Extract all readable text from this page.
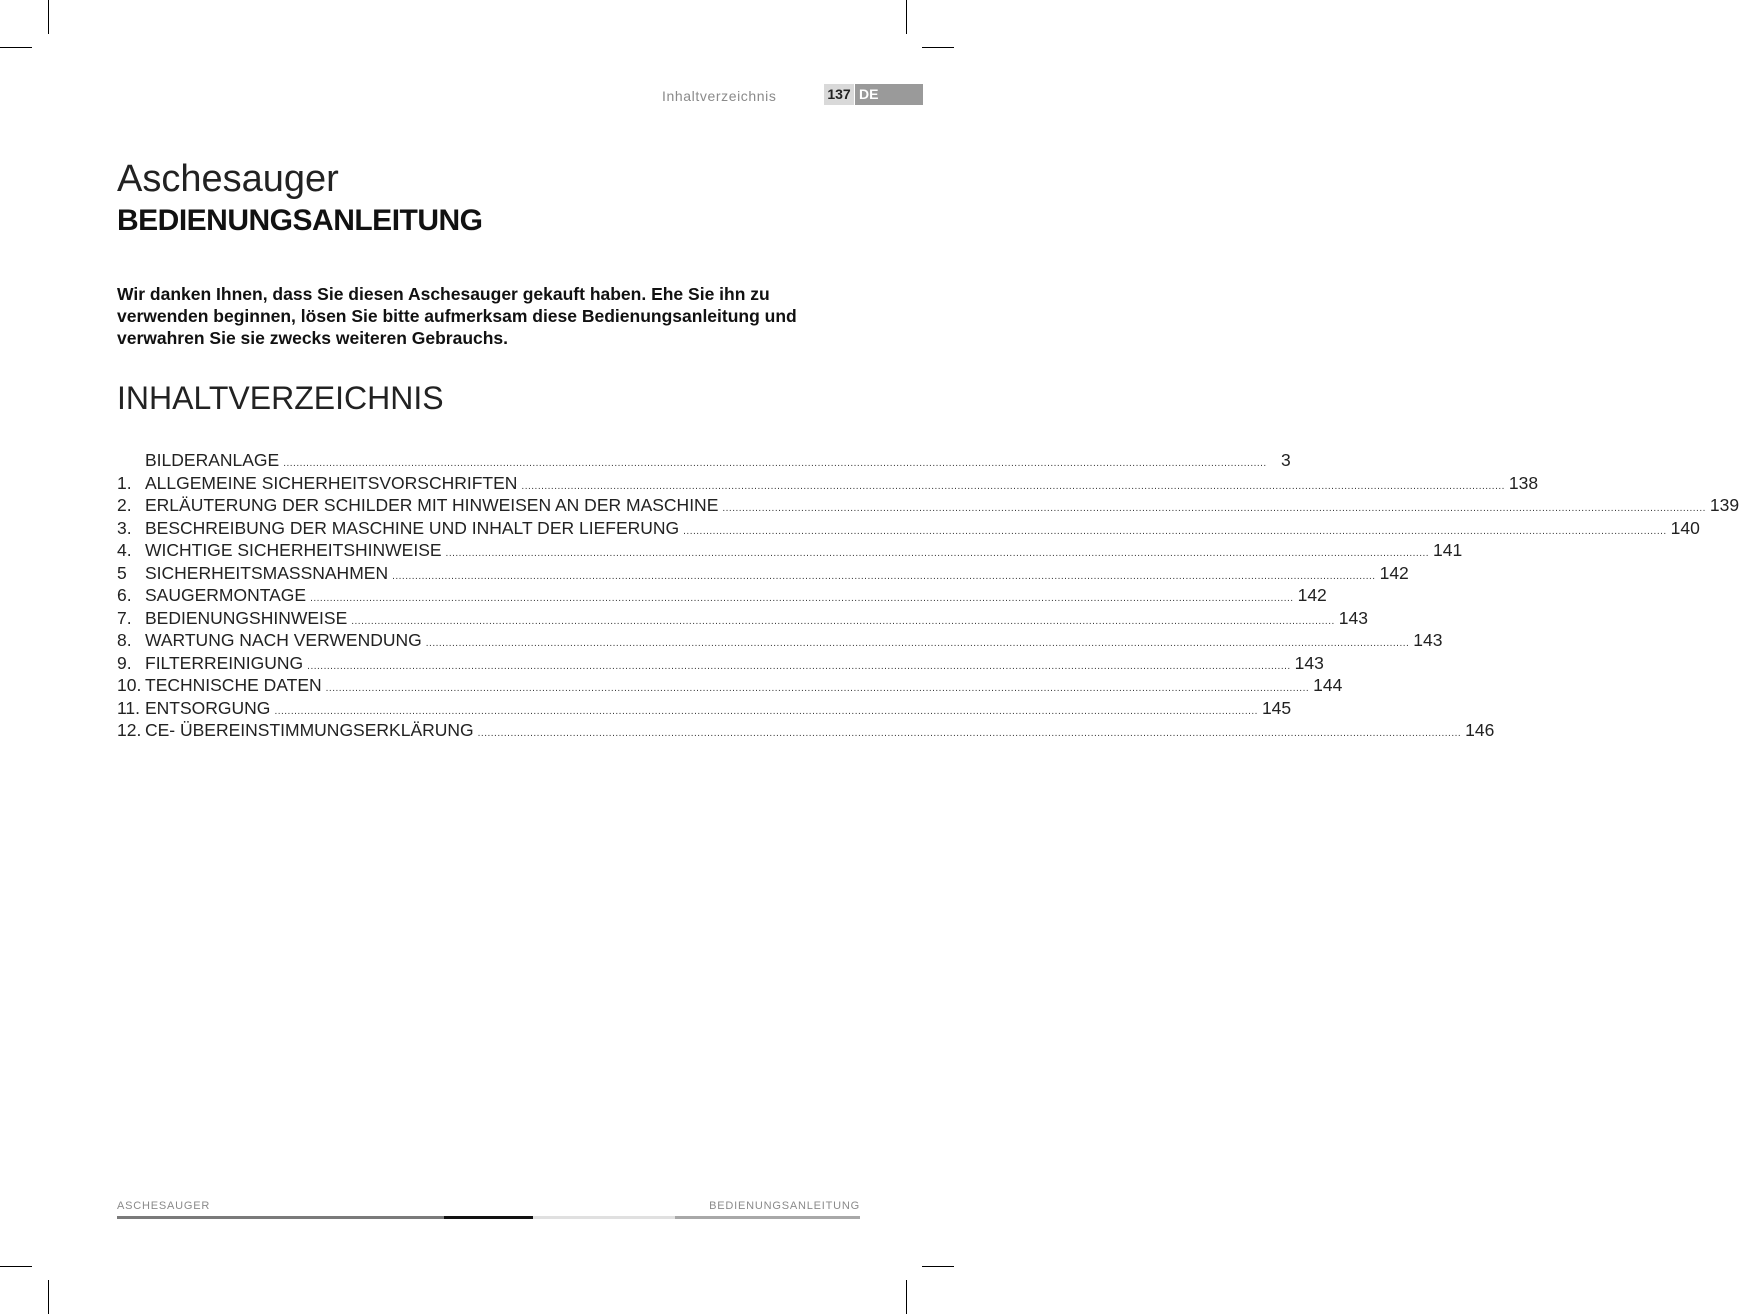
Inhaltverzeichnis	137 DE
Aschesauger
BEDIENUNGSANLEITUNG

Wir danken Ihnen, dass Sie diesen Aschesauger gekauft haben. Ehe Sie ihn zu verwenden beginnen, lösen Sie bitte aufmerksam diese Bedienungsanleitung und verwahren Sie sie zwecks weiteren Gebrauchs.

INHALTVERZEICHNIS
BILDERANLAGE ............................................................................................................................................................................................................................................................................................................ 3
1. ALLGEMEINE SICHERHEITSVORSCHRIFTEN ............................................................................................................................................................................................................................................................................................................ 138
2. ERLÄUTERUNG DER SCHILDER MIT HINWEISEN AN DER MASCHINE ............................................................................................................................................................................................................................................................................................................ 139
3. BESCHREIBUNG DER MASCHINE UND INHALT DER LIEFERUNG ............................................................................................................................................................................................................................................................................................................ 140
4. WICHTIGE SICHERHEITSHINWEISE ............................................................................................................................................................................................................................................................................................................ 141
5	SICHERHEITSMASSNAHMEN ............................................................................................................................................................................................................................................................................................................ 142
6. SAUGERMONTAGE ............................................................................................................................................................................................................................................................................................................ 142
7. BEDIENUNGSHINWEISE ............................................................................................................................................................................................................................................................................................................ 143
8. WARTUNG NACH VERWENDUNG ............................................................................................................................................................................................................................................................................................................ 143
9. FILTERREINIGUNG ............................................................................................................................................................................................................................................................................................................ 143
10. TECHNISCHE DATEN ............................................................................................................................................................................................................................................................................................................ 144
11. ENTSORGUNG ............................................................................................................................................................................................................................................................................................................ 145
12. CE- ÜBEREINSTIMMUNGSERKLÄRUNG ............................................................................................................................................................................................................................................................................................................ 146
ASCHESAUGER	BEDIENUNGSANLEITUNG
